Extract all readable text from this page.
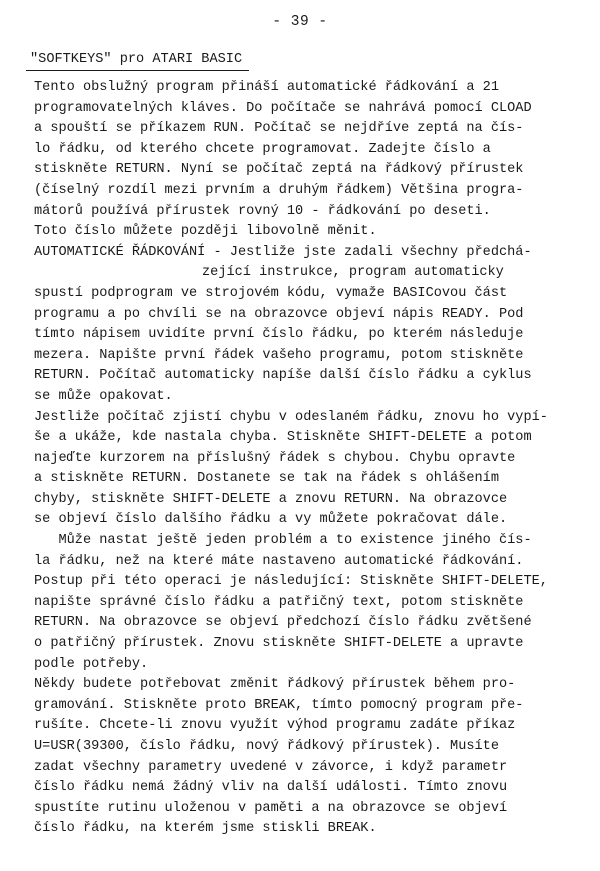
- 39 -
"SOFTKEYS" pro ATARI BASIC
Tento obslužný program přináší automatické řádkování a 21
programovatelných kláves. Do počítače se nahrává pomocí CLOAD
a spouští se příkazem RUN. Počítač se nejdříve zeptá na čís-
lo řádku, od kterého chcete programovat. Zadejte číslo a
stiskněte RETURN. Nyní se počítač zeptá na řádkový přírustek
(číselný rozdíl mezi prvním a druhým řádkem) Většina progra-
mátorů používá přírustek rovný 10 - řádkování po deseti.
Toto číslo můžete později libovolně měnit.
AUTOMATICKÉ ŘÁDKOVÁNÍ - Jestliže jste zadali všechny předchá-
zející instrukce, program automaticky
spustí podprogram ve strojovém kódu, vymaže BASICovou část
programu a po chvíli se na obrazovce objeví nápis READY. Pod
tímto nápisem uvidíte první číslo řádku, po kterém následuje
mezera. Napište první řádek vašeho programu, potom stiskněte
RETURN. Počítač automaticky napíše další číslo řádku a cyklus
se může opakovat.
Jestliže počítač zjistí chybu v odeslaném řádku, znovu ho vypí-
še a ukáže, kde nastala chyba. Stiskněte SHIFT-DELETE a potom
najeďte kurzorem na příslušný řádek s chybou. Chybu opravte
a stiskněte RETURN. Dostanete se tak na řádek s ohlášením
chyby, stiskněte SHIFT-DELETE a znovu RETURN. Na obrazovce
se objeví číslo dalšího řádku a vy můžete pokračovat dále.
Může nastat ještě jeden problém a to existence jiného čís-
la řádku, než na které máte nastaveno automatické řádkování.
Postup při této operaci je následující: Stiskněte SHIFT-DELETE,
napište správné číslo řádku a patřičný text, potom stiskněte
RETURN. Na obrazovce se objeví předchozí číslo řádku zvětšené
o patřičný přírustek. Znovu stiskněte SHIFT-DELETE a upravte
podle potřeby.
Někdy budete potřebovat změnit řádkový přírustek během pro-
gramování. Stiskněte proto BREAK, tímto pomocný program pře-
rušíte. Chcete-li znovu využít výhod programu zadáte příkaz
U=USR(39300, číslo řádku, nový řádkový přírustek). Musíte
zadat všechny parametry uvedené v závorce, i když parametr
číslo řádku nemá žádný vliv na další události. Tímto znovu
spustíte rutinu uloženou v paměti a na obrazovce se objeví
číslo řádku, na kterém jsme stiskli BREAK.
